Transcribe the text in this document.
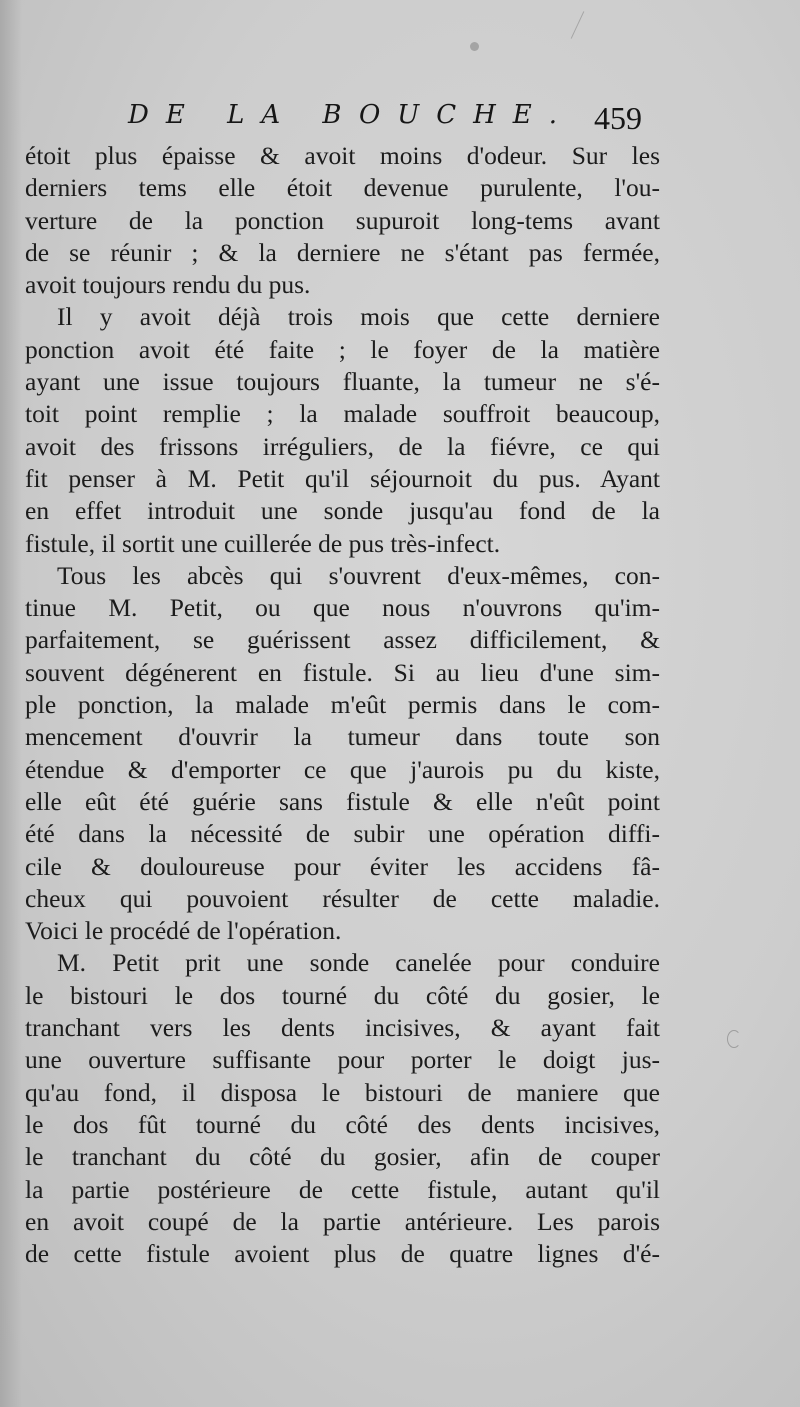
DE LA BOUCHE. 459
étoit plus épaisse & avoit moins d'odeur. Sur les
derniers tems elle étoit devenue purulente, l'ou-
verture de la ponction supuroit long-tems avant
de se réunir ; & la derniere ne s'étant pas fermée,
avoit toujours rendu du pus.
Il y avoit déjà trois mois que cette derniere
ponction avoit été faite ; le foyer de la matière
ayant une issue toujours fluante, la tumeur ne s'é-
toit point remplie ; la malade souffroit beaucoup,
avoit des frissons irréguliers, de la fiévre, ce qui
fit penser à M. Petit qu'il séjournoit du pus. Ayant
en effet introduit une sonde jusqu'au fond de la
fistule, il sortit une cuillerée de pus très-infect.
Tous les abcès qui s'ouvrent d'eux-mêmes, con-
tinue M. Petit, ou que nous n'ouvrons qu'im-
parfaitement, se guérissent assez difficilement, &
souvent dégénerent en fistule. Si au lieu d'une sim-
ple ponction, la malade m'eût permis dans le com-
mencement d'ouvrir la tumeur dans toute son
étendue & d'emporter ce que j'aurois pu du kiste,
elle eût été guérie sans fistule & elle n'eût point
été dans la nécessité de subir une opération diffi-
cile & douloureuse pour éviter les accidens fâ-
cheux qui pouvoient résulter de cette maladie.
Voici le procédé de l'opération.
M. Petit prit une sonde canelée pour conduire
le bistouri le dos tourné du côté du gosier, le
tranchant vers les dents incisives, & ayant fait
une ouverture suffisante pour porter le doigt jus-
qu'au fond, il disposa le bistouri de maniere que
le dos fût tourné du côté des dents incisives,
le tranchant du côté du gosier, afin de couper
la partie postérieure de cette fistule, autant qu'il
en avoit coupé de la partie antérieure. Les parois
de cette fistule avoient plus de quatre lignes d'é-
